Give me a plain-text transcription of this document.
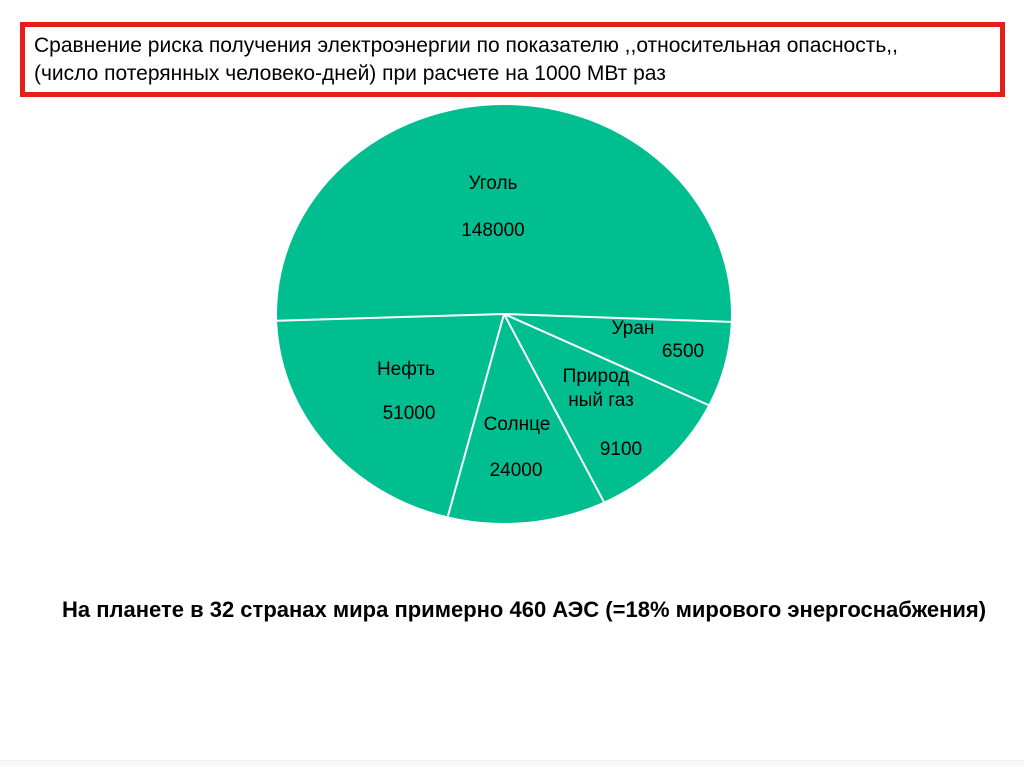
Сравнение риска получения электроэнергии по показателю ,,относительная опасность,,
(число потерянных человеко-дней) при расчете на 1000 МВт раз
Уголь
148000
Уран
6500
Природ
ный газ
9100
Солнце
24000
Нефть
51000
На планете в 32 странах мира примерно 460 АЭС (=18% мирового энергоснабжения)
